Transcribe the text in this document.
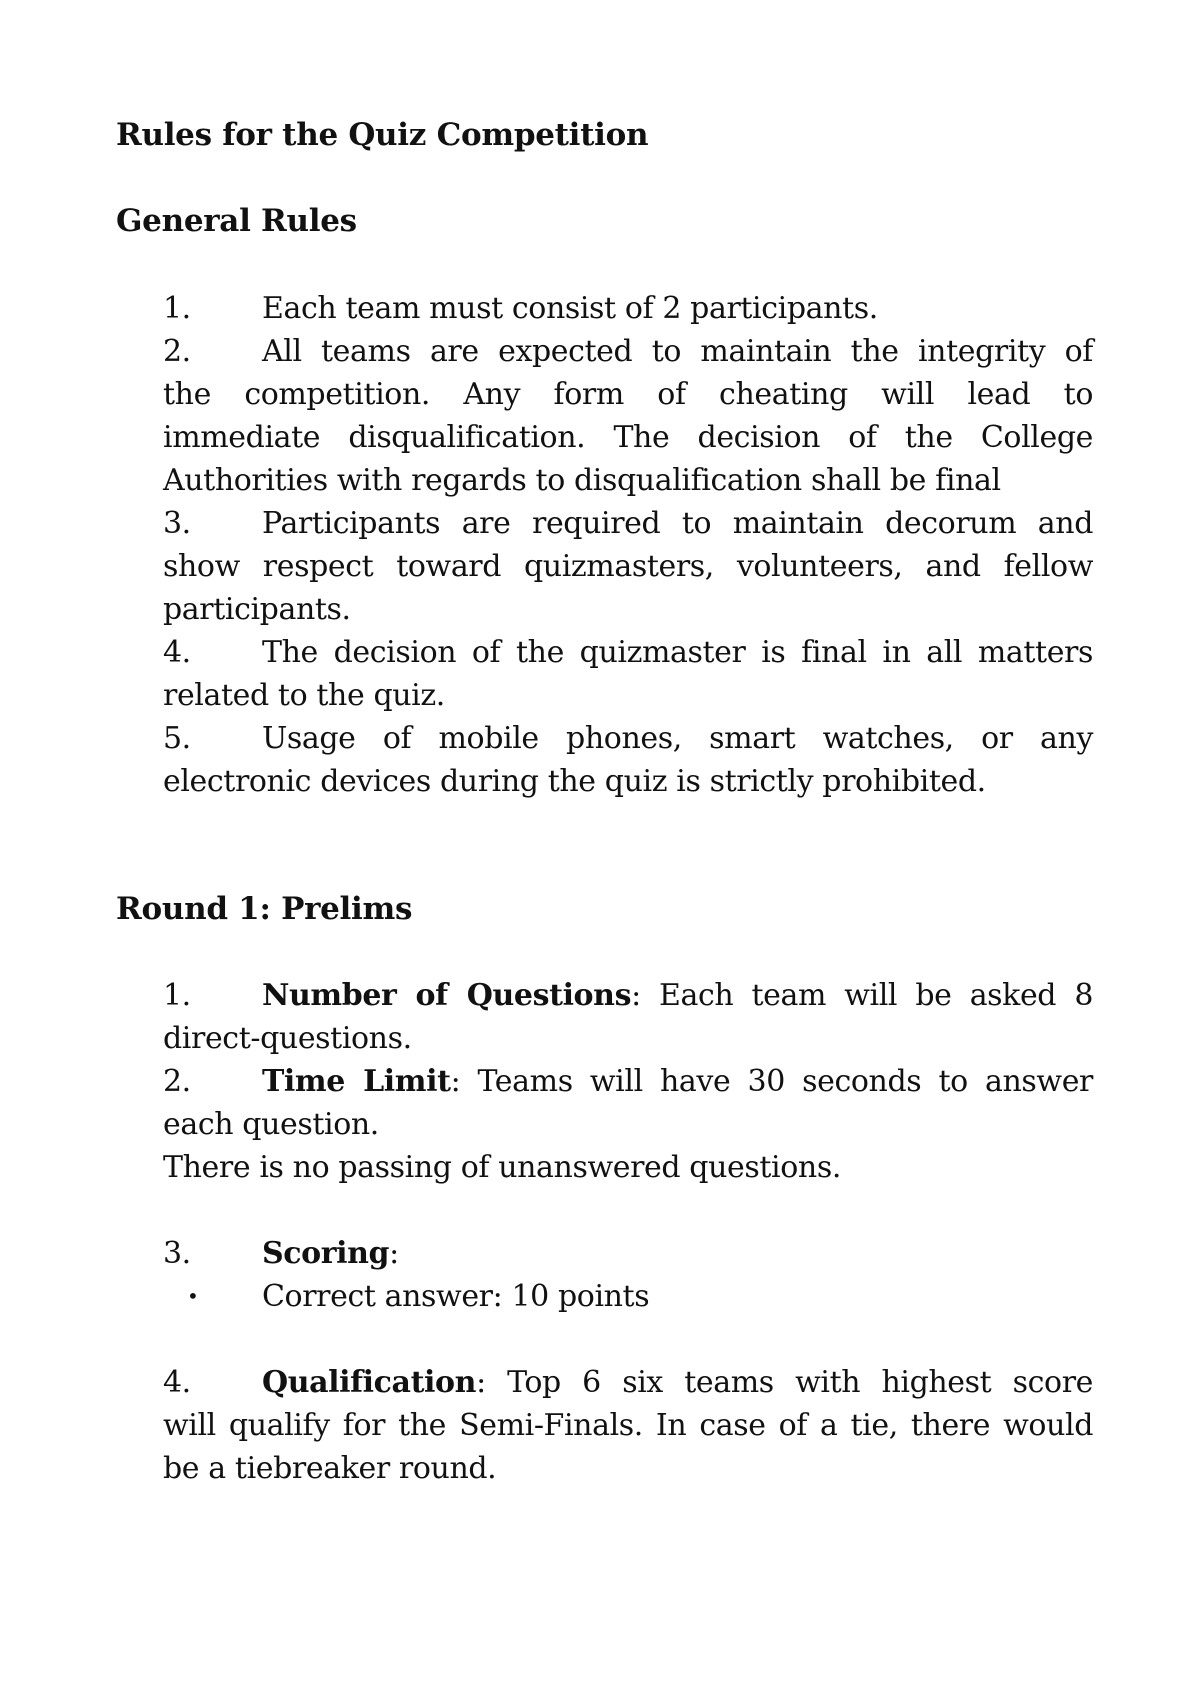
Rules for the Quiz Competition
General Rules
1. Each team must consist of 2 participants.
2. All teams are expected to maintain the integrity of
the competition. Any form of cheating will lead to
immediate disqualification. The decision of the College
Authorities with regards to disqualification shall be final
3. Participants are required to maintain decorum and
show respect toward quizmasters, volunteers, and fellow
participants.
4. The decision of the quizmaster is final in all matters
related to the quiz.
5. Usage of mobile phones, smart watches, or any
electronic devices during the quiz is strictly prohibited.
Round 1: Prelims
1. Number of Questions: Each team will be asked 8
direct-questions.
2. Time Limit: Teams will have 30 seconds to answer
each question.
There is no passing of unanswered questions.
3. Scoring:
• Correct answer: 10 points
4. Qualification: Top 6 six teams with highest score
will qualify for the Semi-Finals. In case of a tie, there would
be a tiebreaker round.
